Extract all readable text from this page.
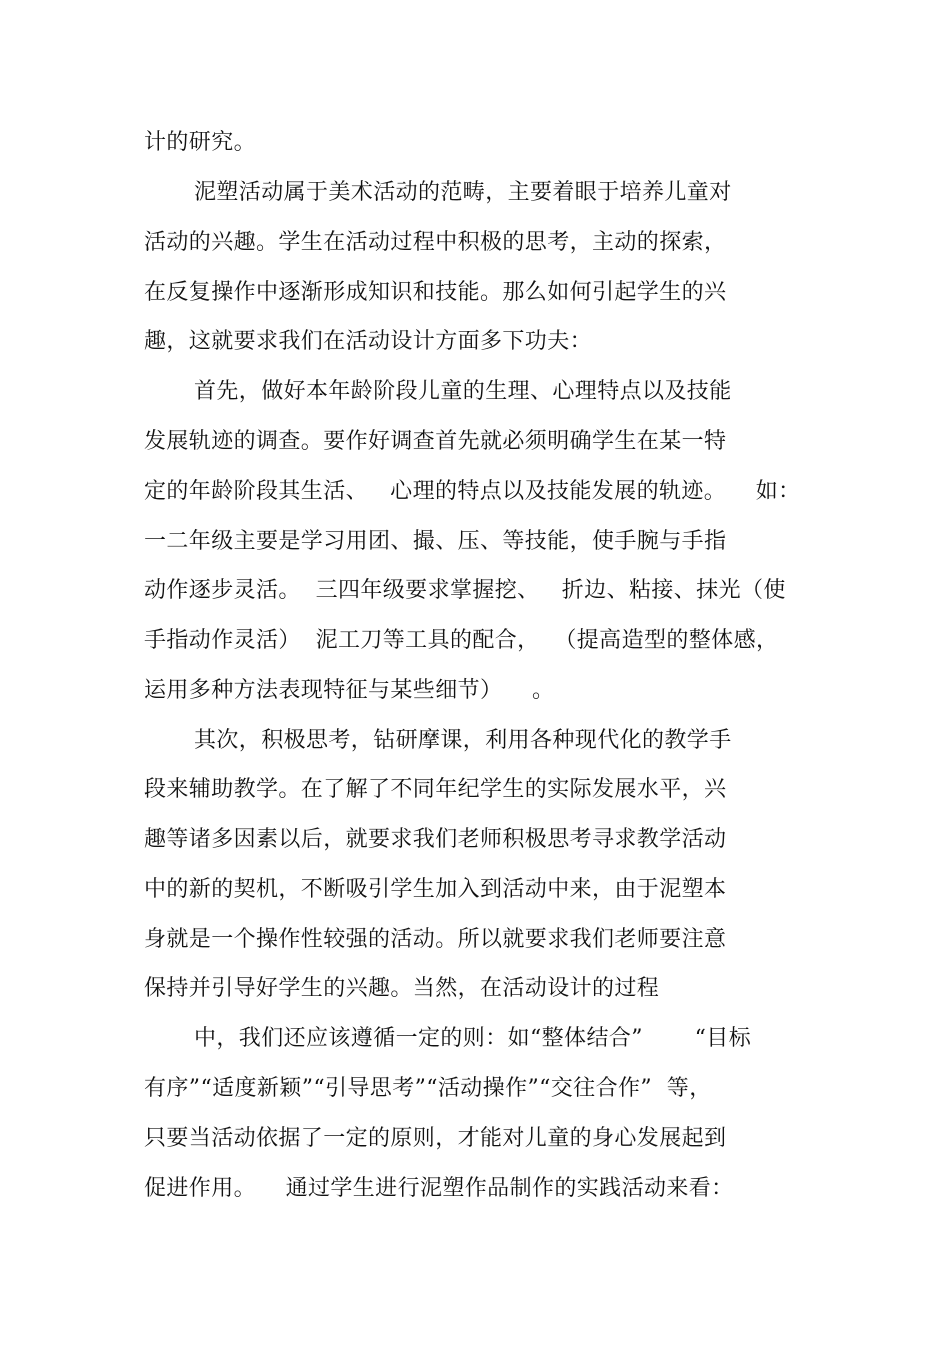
计的研究。
泥塑活动属于美术活动的范畴，主要着眼于培养儿童对
活动的兴趣。学生在活动过程中积极的思考，主动的探索，
在反复操作中逐渐形成知识和技能。那么如何引起学生的兴
趣，这就要求我们在活动设计方面多下功夫：
首先，做好本年龄阶段儿童的生理、心理特点以及技能
发展轨迹的调查。要作好调查首先就必须明确学生在某一特
定的年龄阶段其生活、   心理的特点以及技能发展的轨迹。    如：
一二年级主要是学习用团、撮、压、等技能，使手腕与手指
动作逐步灵活。  三四年级要求掌握挖、   折边、粘接、抹光（使
手指动作灵活）  泥工刀等工具的配合，  （提高造型的整体感，
运用多种方法表现特征与某些细节）    。
其次，积极思考，钻研摩课，利用各种现代化的教学手
段来辅助教学。在了解了不同年纪学生的实际发展水平，兴
趣等诸多因素以后，就要求我们老师积极思考寻求教学活动
中的新的契机，不断吸引学生加入到活动中来，由于泥塑本
身就是一个操作性较强的活动。所以就要求我们老师要注意
保持并引导好学生的兴趣。当然，在活动设计的过程
中，我们还应该遵循一定的则：如“整体结合”       “目标
有序”“适度新颖”“引导思考”“活动操作”“交往合作”  等，
只要当活动依据了一定的原则，才能对儿童的身心发展起到
促进作用。    通过学生进行泥塑作品制作的实践活动来看：
